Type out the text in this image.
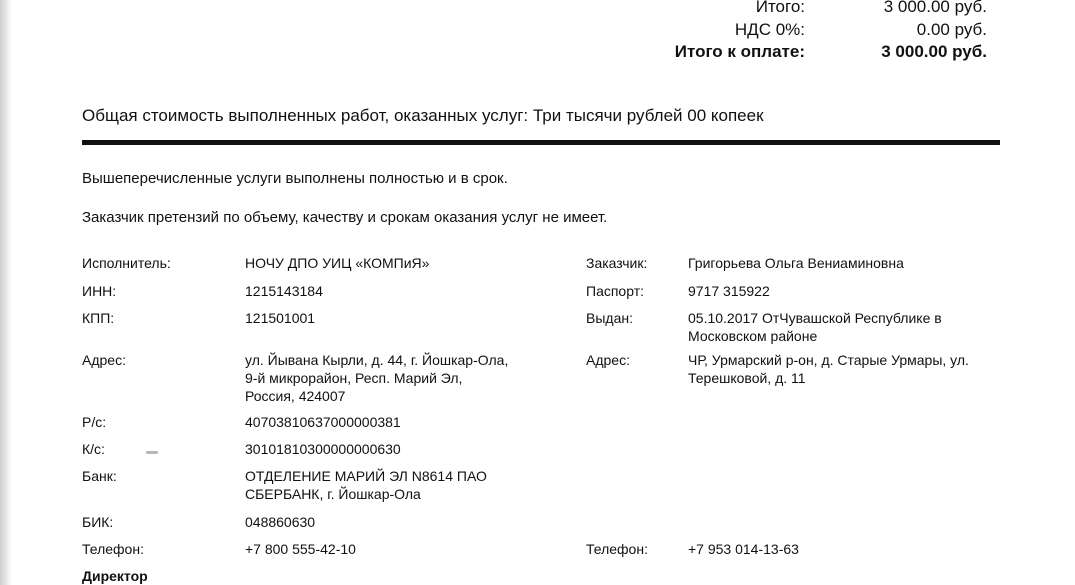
Итого:	3 000.00 руб.
НДС 0%:	0.00 руб.
Итого к оплате:	3 000.00 руб.
Общая стоимость выполненных работ, оказанных услуг: Три тысячи рублей 00 копеек
Вышеперечисленные услуги выполнены полностью и в срок.
Заказчик претензий по объему, качеству и срокам оказания услуг не имеет.
Исполнитель:	НОЧУ ДПО УИЦ «КОМПиЯ»
ИНН:	1215143184
КПП:	121501001
Адрес:	ул. Йывана Кырли, д. 44, г. Йошкар-Ола, 9-й микрорайон, Респ. Марий Эл, Россия, 424007
Р/с:	40703810637000000381
К/с:	30101810300000000630
Банк:	ОТДЕЛЕНИЕ МАРИЙ ЭЛ N8614 ПАО СБЕРБАНК, г. Йошкар-Ола
БИК:	048860630
Телефон:	+7 800 555-42-10
Директор
Заказчик:	Григорьева Ольга Вениаминовна
Паспорт:	9717 315922
Выдан:	05.10.2017 ОтЧувашской Республике в Московском районе
Адрес:	ЧР, Урмарский р-он, д. Старые Урмары, ул. Терешковой, д. 11
Телефон:	+7 953 014-13-63
